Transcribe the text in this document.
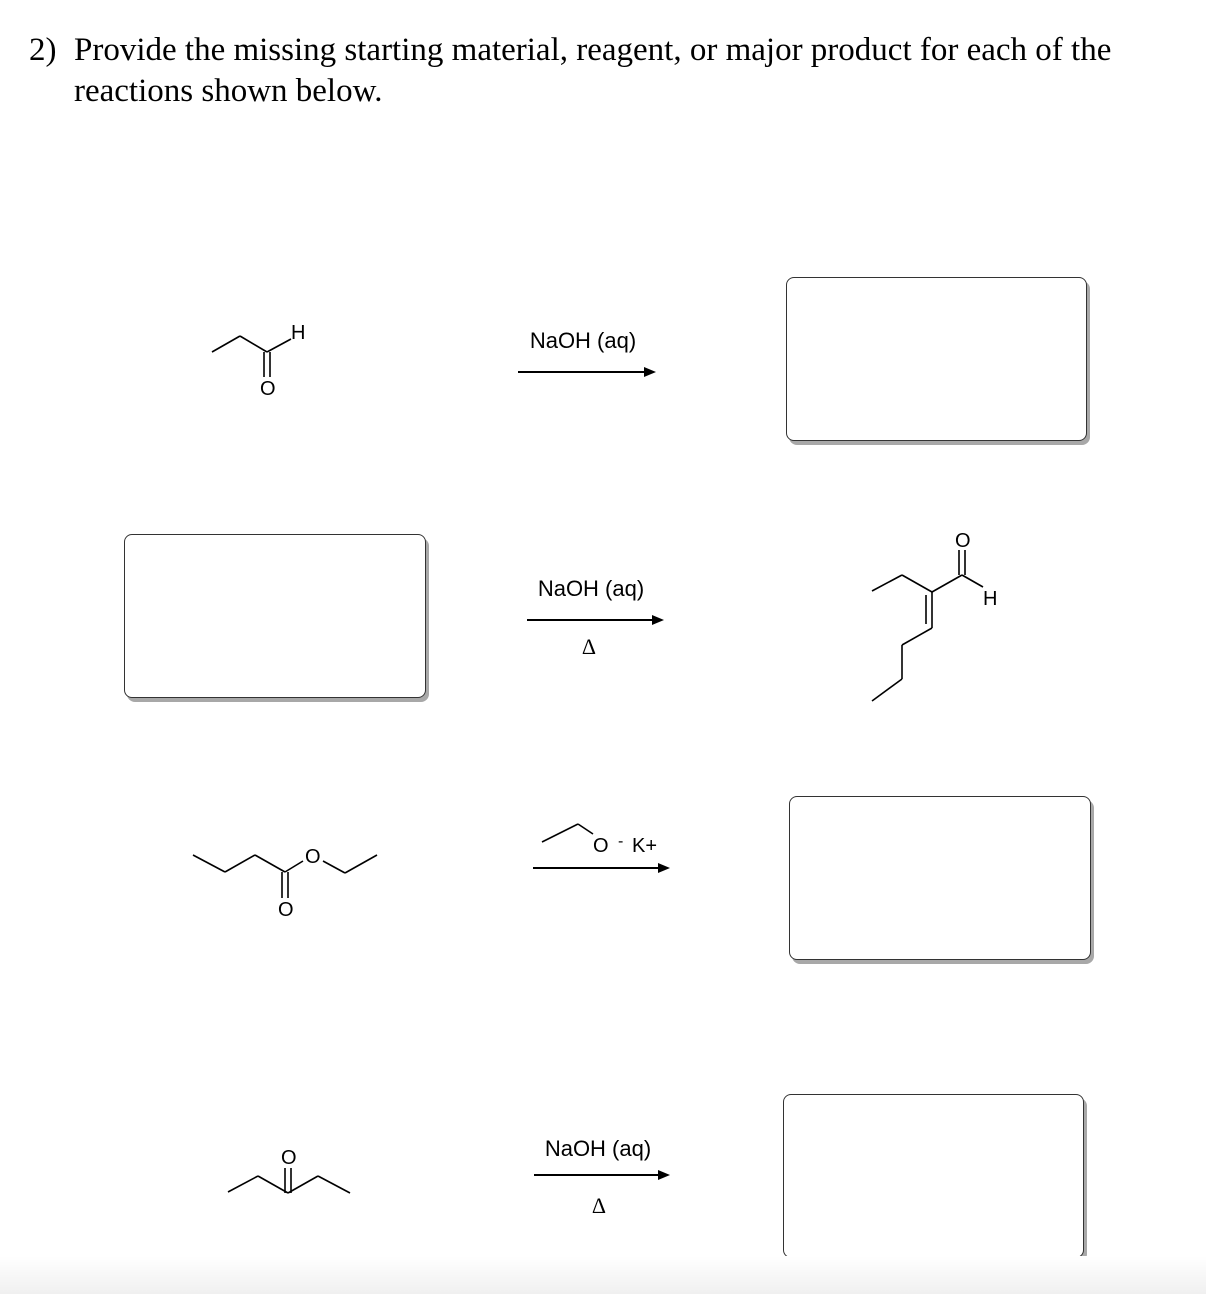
2) Provide the missing starting material, reagent, or major product for each of the reactions shown below.
H
O
NaOH (aq)
NaOH (aq)
Δ
O
H
O
O
O - K+
O	NaOH (aq)
Δ
